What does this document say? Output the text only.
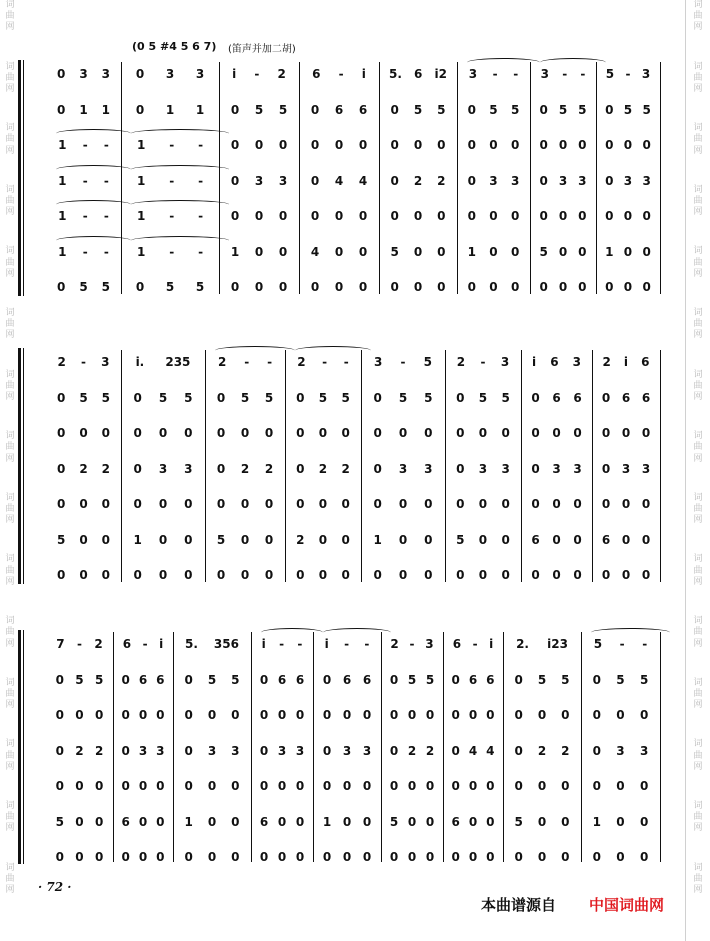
词
曲
网
词
曲
网
词
曲
网
词
曲
网
词
曲
网
词
曲
网
词
曲
网
词
曲
网
词
曲
网
词
曲
网
词
曲
网
词
曲
网
词
曲
网
词
曲
网
词
曲
网
词
曲
网
词
曲
网
词
曲
网
词
曲
网
词
曲
网
词
曲
网
词
曲
网
词
曲
网
词
曲
网
词
曲
网
词
曲
网
词
曲
网
词
曲
网
词
曲
网
词
曲
网
(0 5 #4 5 6 7) (笛声并加二胡)
0 3 3 0 3 3 i - 2 6 - i 5. 6 i2 3 - - 3 - - 5 - 3
0 1 1 0 1 1 0 5 5 0 6 6 0 5 5 0 5 5 0 5 5 0 5 5
1 - - 1 - - 0 0 0 0 0 0 0 0 0 0 0 0 0 0 0 0 0 0
1 - - 1 - - 0 3 3 0 4 4 0 2 2 0 3 3 0 3 3 0 3 3
1 - - 1 - - 0 0 0 0 0 0 0 0 0 0 0 0 0 0 0 0 0 0
1 - - 1 - - 1 0 0 4 0 0 5 0 0 1 0 0 5 0 0 1 0 0
0 5 5 0 5 5 0 0 0 0 0 0 0 0 0 0 0 0 0 0 0 0 0 0
2 - 3 i. 235 2 - - 2 - - 3 - 5 2 - 3 i 6 3 2 i 6
0 5 5 0 5 5 0 5 5 0 5 5 0 5 5 0 5 5 0 6 6 0 6 6
0 0 0 0 0 0 0 0 0 0 0 0 0 0 0 0 0 0 0 0 0 0 0 0
0 2 2 0 3 3 0 2 2 0 2 2 0 3 3 0 3 3 0 3 3 0 3 3
0 0 0 0 0 0 0 0 0 0 0 0 0 0 0 0 0 0 0 0 0 0 0 0
5 0 0 1 0 0 5 0 0 2 0 0 1 0 0 5 0 0 6 0 0 6 0 0
0 0 0 0 0 0 0 0 0 0 0 0 0 0 0 0 0 0 0 0 0 0 0 0
7 - 2 6 - i 5. 356 i - - i - - 2 - 3 6 - i 2. i23 5 - -
0 5 5 0 6 6 0 5 5 0 6 6 0 6 6 0 5 5 0 6 6 0 5 5 0 5 5
0 0 0 0 0 0 0 0 0 0 0 0 0 0 0 0 0 0 0 0 0 0 0 0 0 0 0
0 2 2 0 3 3 0 3 3 0 3 3 0 3 3 0 2 2 0 4 4 0 2 2 0 3 3
0 0 0 0 0 0 0 0 0 0 0 0 0 0 0 0 0 0 0 0 0 0 0 0 0 0 0
5 0 0 6 0 0 1 0 0 6 0 0 1 0 0 5 0 0 6 0 0 5 0 0 1 0 0
0 0 0 0 0 0 0 0 0 0 0 0 0 0 0 0 0 0 0 0 0 0 0 0 0 0 0
· 72 ·
本曲谱源自 中国词曲网
